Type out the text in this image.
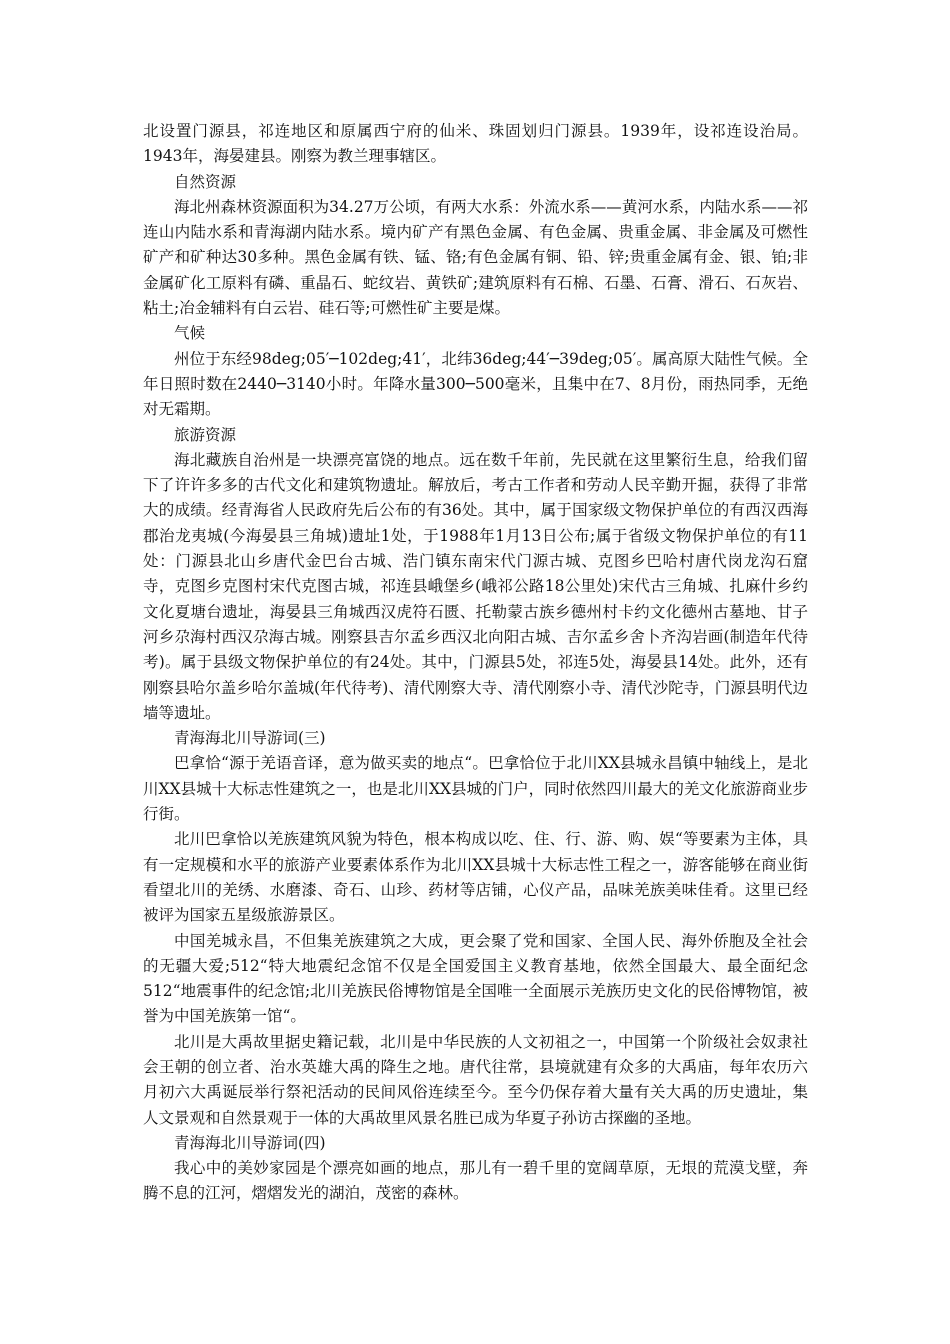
北设置门源县，祁连地区和原属西宁府的仙米、珠固划归门源县。1939年，设祁连设治局。1943年，海晏建县。刚察为教兰理事辖区。

自然资源

海北州森林资源面积为34.27万公顷，有两大水系：外流水系——黄河水系，内陆水系——祁连山内陆水系和青海湖内陆水系。境内矿产有黑色金属、有色金属、贵重金属、非金属及可燃性矿产和矿种达30多种。黑色金属有铁、锰、铬;有色金属有铜、铅、锌;贵重金属有金、银、铂;非金属矿化工原料有磷、重晶石、蛇纹岩、黄铁矿;建筑原料有石棉、石墨、石膏、滑石、石灰岩、粘土;冶金辅料有白云岩、硅石等;可燃性矿主要是煤。

气候

州位于东经98deg;05′─102deg;41′，北纬36deg;44′─39deg;05′。属高原大陆性气候。全年日照时数在2440─3140小时。年降水量300─500毫米，且集中在7、8月份，雨热同季，无绝对无霜期。

旅游资源

海北藏族自治州是一块漂亮富饶的地点。远在数千年前，先民就在这里繁衍生息，给我们留下了许许多多的古代文化和建筑物遗址。解放后，考古工作者和劳动人民辛勤开掘，获得了非常大的成绩。经青海省人民政府先后公布的有36处。其中，属于国家级文物保护单位的有西汉西海郡治龙夷城(今海晏县三角城)遗址1处，于1988年1月13日公布;属于省级文物保护单位的有11处：门源县北山乡唐代金巴台古城、浩门镇东南宋代门源古城、克图乡巴哈村唐代岗龙沟石窟寺，克图乡克图村宋代克图古城，祁连县峨堡乡(峨祁公路18公里处)宋代古三角城、扎麻什乡约文化夏塘台遗址，海晏县三角城西汉虎符石匮、托勒蒙古族乡德州村卡约文化德州古墓地、甘子河乡尕海村西汉尕海古城。刚察县吉尔孟乡西汉北向阳古城、吉尔孟乡舍卜齐沟岩画(制造年代待考)。属于县级文物保护单位的有24处。其中，门源县5处，祁连5处，海晏县14处。此外，还有刚察县哈尔盖乡哈尔盖城(年代待考)、清代刚察大寺、清代刚察小寺、清代沙陀寺，门源县明代边墙等遗址。

青海海北川导游词(三)

巴拿恰“源于羌语音译，意为做买卖的地点“。巴拿恰位于北川XX县城永昌镇中轴线上，是北川XX县城十大标志性建筑之一，也是北川XX县城的门户，同时依然四川最大的羌文化旅游商业步行街。

北川巴拿恰以羌族建筑风貌为特色，根本构成以吃、住、行、游、购、娱“等要素为主体，具有一定规模和水平的旅游产业要素体系作为北川XX县城十大标志性工程之一，游客能够在商业街看望北川的羌绣、水磨漆、奇石、山珍、药材等店铺，心仪产品，品味羌族美味佳肴。这里已经被评为国家五星级旅游景区。

中国羌城永昌，不但集羌族建筑之大成，更会聚了党和国家、全国人民、海外侨胞及全社会的无疆大爱;512“特大地震纪念馆不仅是全国爱国主义教育基地，依然全国最大、最全面纪念512“地震事件的纪念馆;北川羌族民俗博物馆是全国唯一全面展示羌族历史文化的民俗博物馆，被誉为中国羌族第一馆“。

北川是大禹故里据史籍记载，北川是中华民族的人文初祖之一，中国第一个阶级社会奴隶社会王朝的创立者、治水英雄大禹的降生之地。唐代往常，县境就建有众多的大禹庙，每年农历六月初六大禹诞辰举行祭祀活动的民间风俗连续至今。至今仍保存着大量有关大禹的历史遗址，集人文景观和自然景观于一体的大禹故里风景名胜已成为华夏子孙访古探幽的圣地。

青海海北川导游词(四)

我心中的美妙家园是个漂亮如画的地点，那儿有一碧千里的宽阔草原，无垠的荒漠戈壁，奔腾不息的江河，熠熠发光的湖泊，茂密的森林。
